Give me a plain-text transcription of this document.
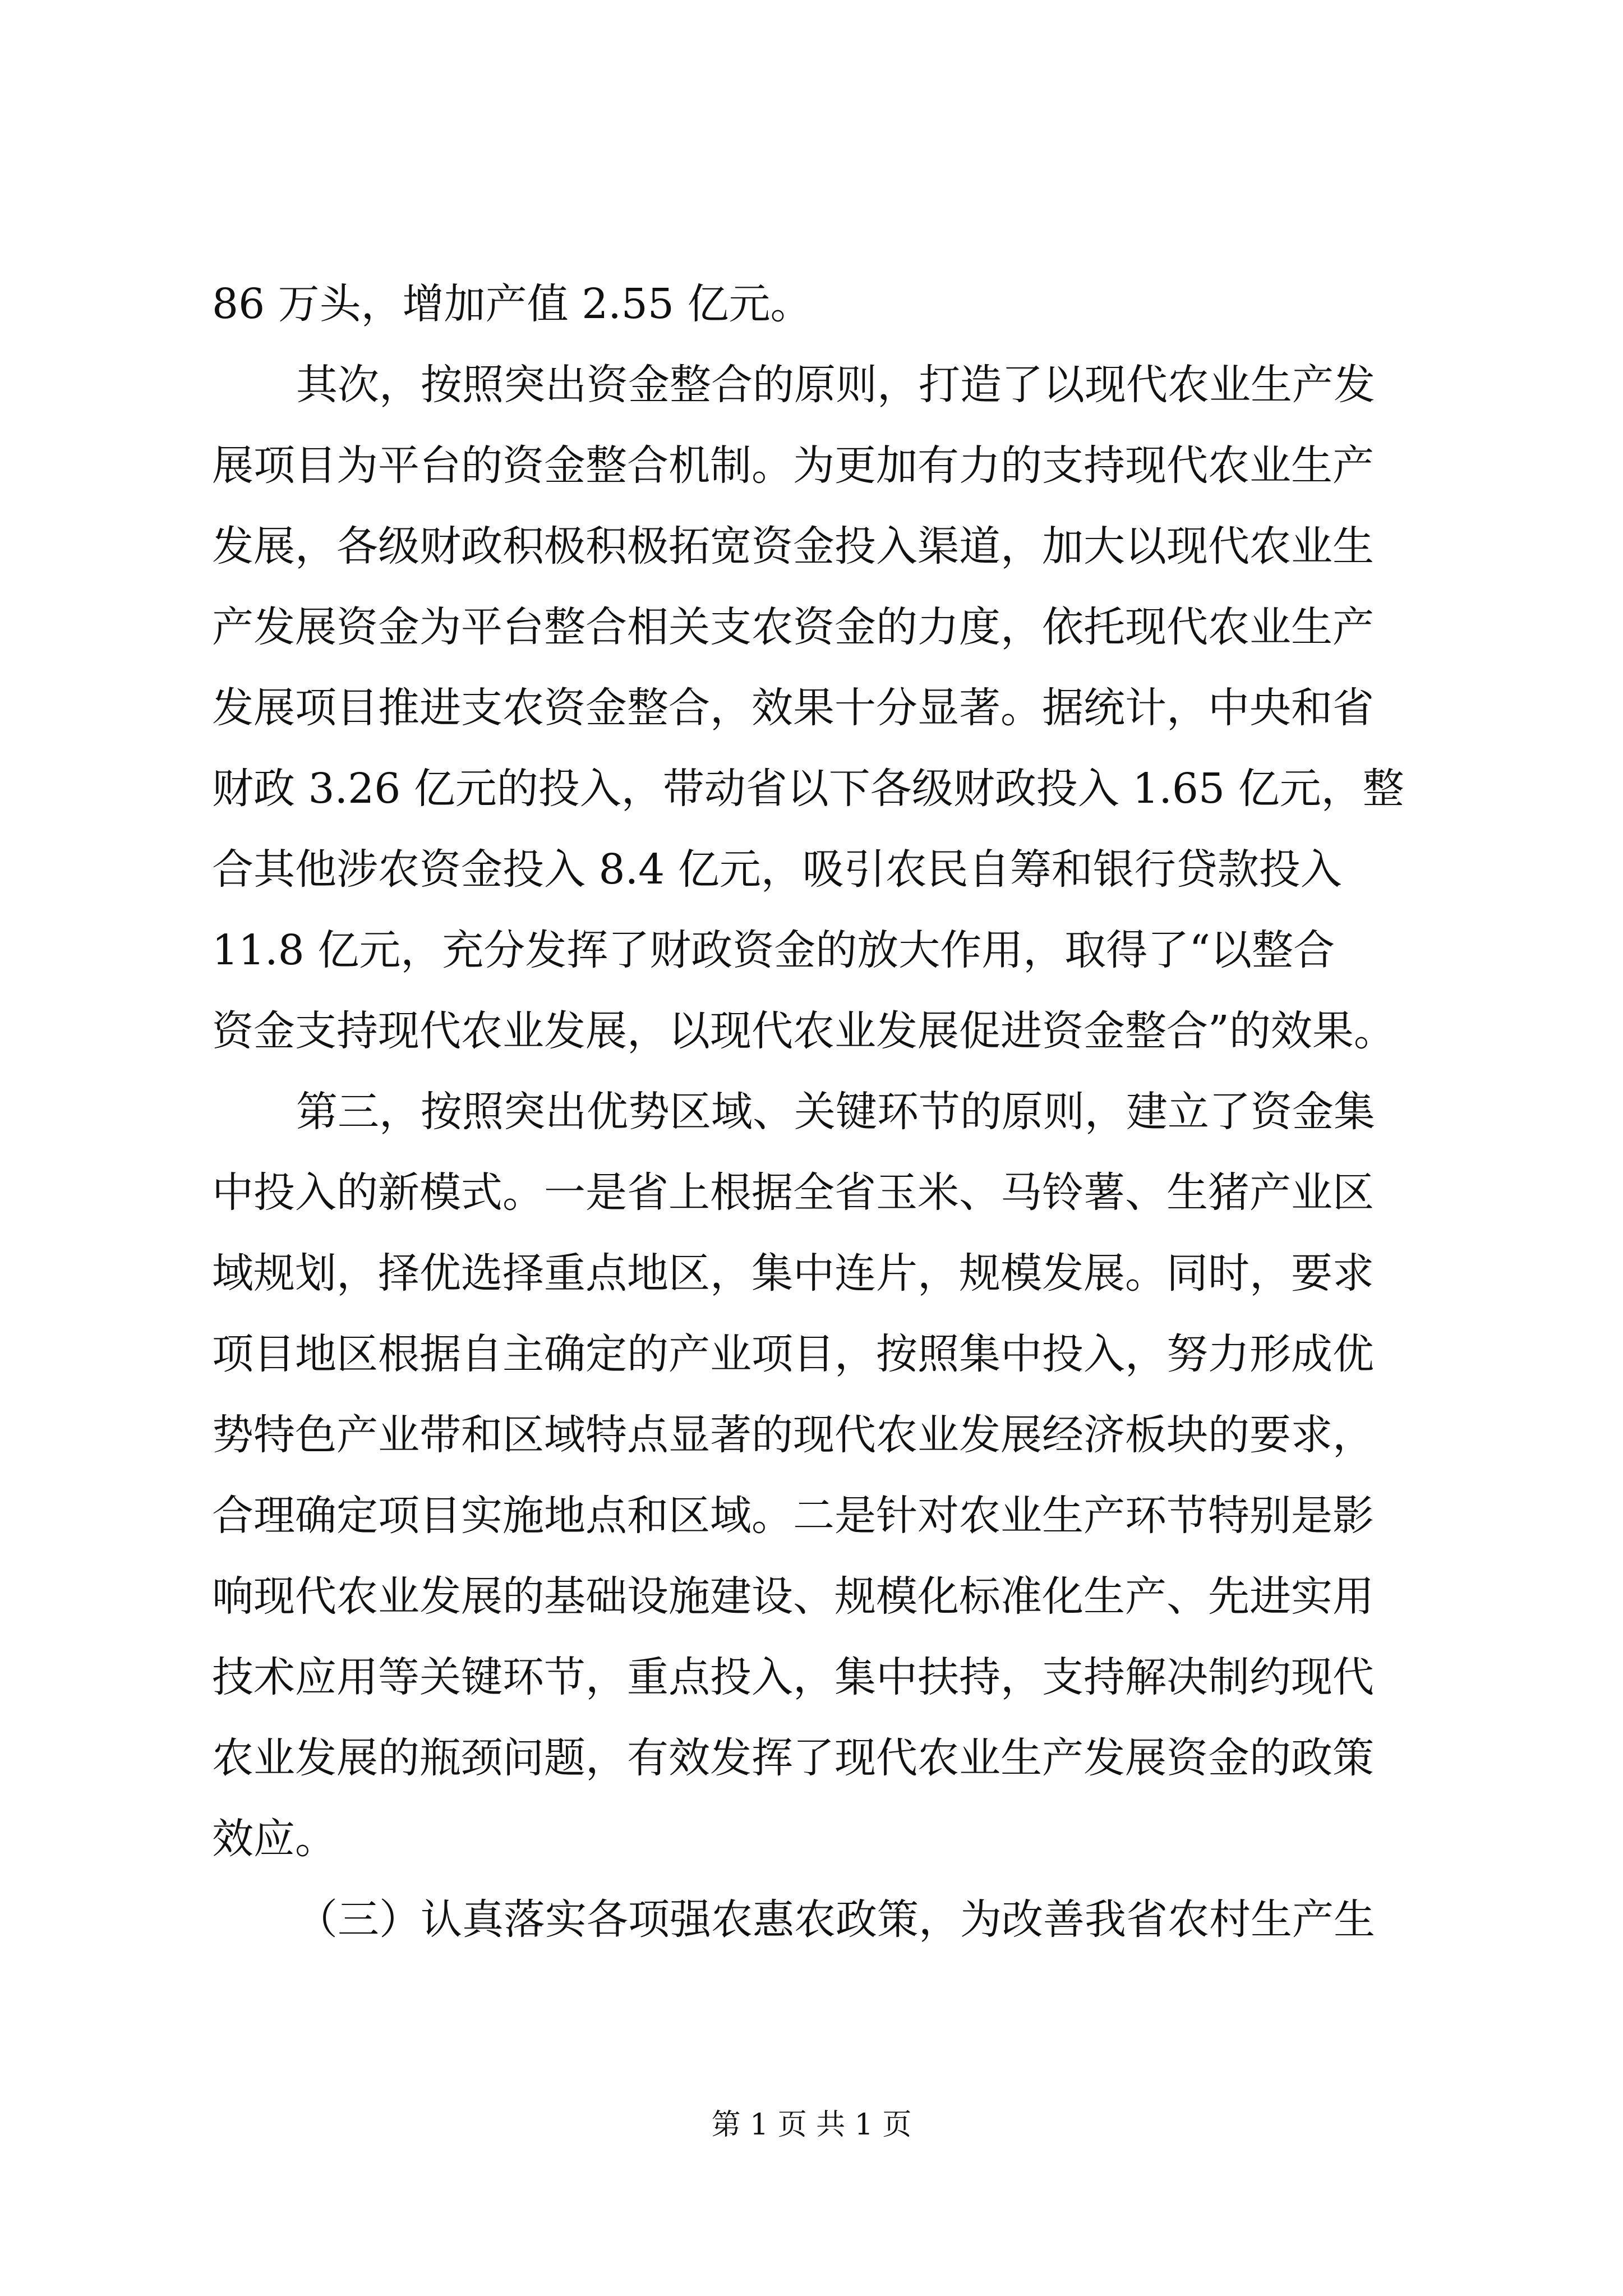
86 万头，增加产值 2.55 亿元。
其次，按照突出资金整合的原则，打造了以现代农业生产发
展项目为平台的资金整合机制。为更加有力的支持现代农业生产
发展，各级财政积极积极拓宽资金投入渠道，加大以现代农业生
产发展资金为平台整合相关支农资金的力度，依托现代农业生产
发展项目推进支农资金整合，效果十分显著。据统计，中央和省
财政 3.26 亿元的投入，带动省以下各级财政投入 1.65 亿元，整
合其他涉农资金投入 8.4 亿元，吸引农民自筹和银行贷款投入
11.8 亿元，充分发挥了财政资金的放大作用，取得了“以整合
资金支持现代农业发展，以现代农业发展促进资金整合”的效果。
第三，按照突出优势区域、关键环节的原则，建立了资金集
中投入的新模式。一是省上根据全省玉米、马铃薯、生猪产业区
域规划，择优选择重点地区，集中连片，规模发展。同时，要求
项目地区根据自主确定的产业项目，按照集中投入，努力形成优
势特色产业带和区域特点显著的现代农业发展经济板块的要求，
合理确定项目实施地点和区域。二是针对农业生产环节特别是影
响现代农业发展的基础设施建设、规模化标准化生产、先进实用
技术应用等关键环节，重点投入，集中扶持，支持解决制约现代
农业发展的瓶颈问题，有效发挥了现代农业生产发展资金的政策
效应。
（三）认真落实各项强农惠农政策，为改善我省农村生产生
第 1 页 共 1 页
